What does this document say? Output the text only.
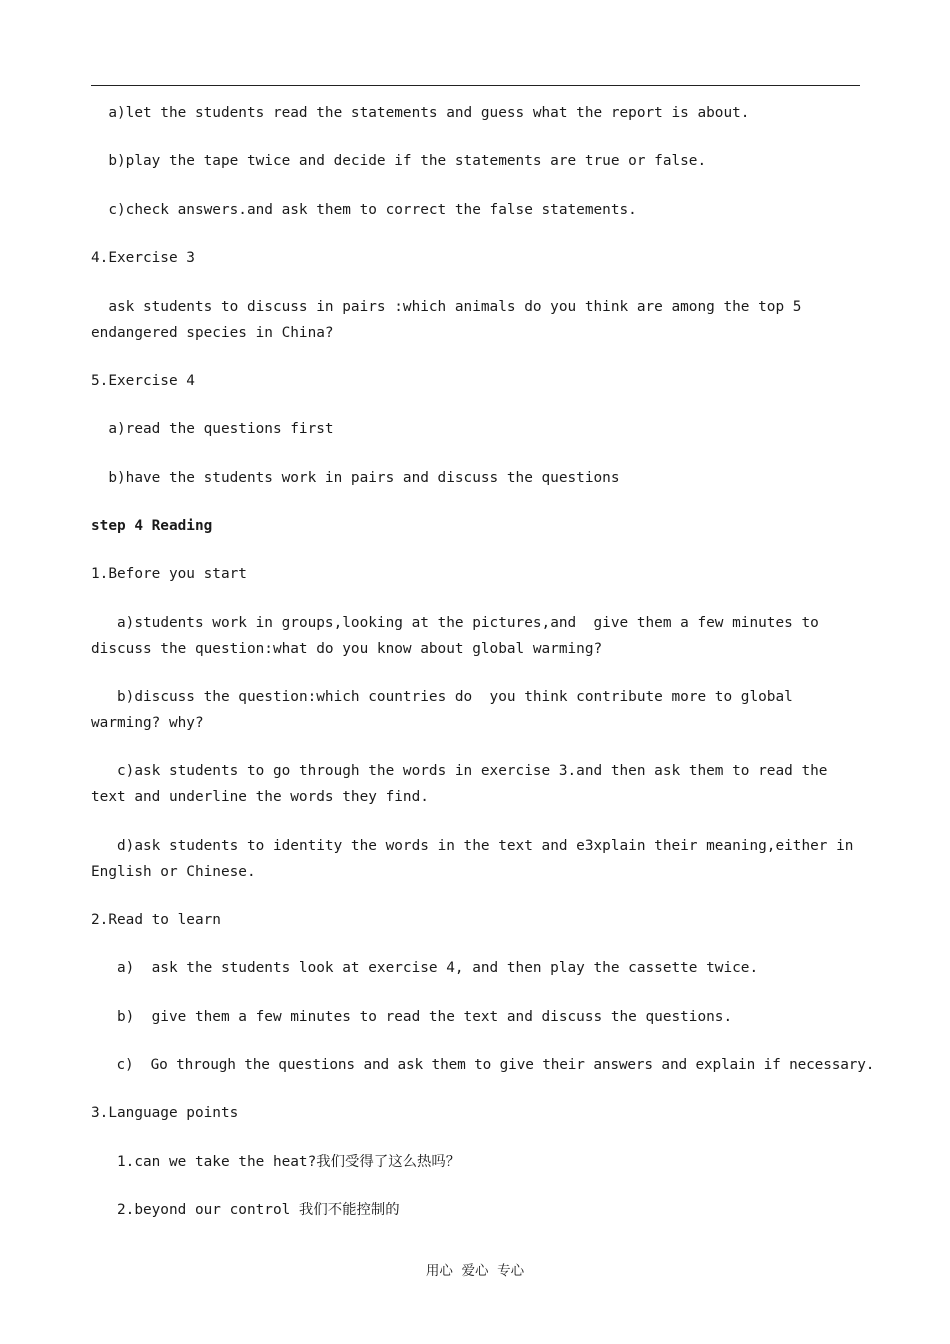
a)let the students read the statements and guess what the report is about.
b)play the tape twice and decide if the statements are true or false.
c)check answers.and ask them to correct the false statements.
4.Exercise 3
ask students to discuss in pairs :which animals do you think are among the top 5 endangered species in China?
5.Exercise 4
a)read the questions first
b)have the students work in pairs and discuss the questions
step 4 Reading
1.Before you start
a)students work in groups,looking at the pictures,and  give them a few minutes to discuss the question:what do you know about global warming?
b)discuss the question:which countries do  you think contribute more to global warming? why?
c)ask students to go through the words in exercise 3.and then ask them to read the text and underline the words they find.
d)ask students to identity the words in the text and e3xplain their meaning,either in English or Chinese.
2.Read to learn
a)  ask the students look at exercise 4, and then play the cassette twice.
b)  give them a few minutes to read the text and discuss the questions.
c)  Go through the questions and ask them to give their answers and explain if necessary.
3.Language points
1.can we take the heat?我们受得了这么热吗？
2.beyond our control 我们不能控制的
用心  爱心  专心
